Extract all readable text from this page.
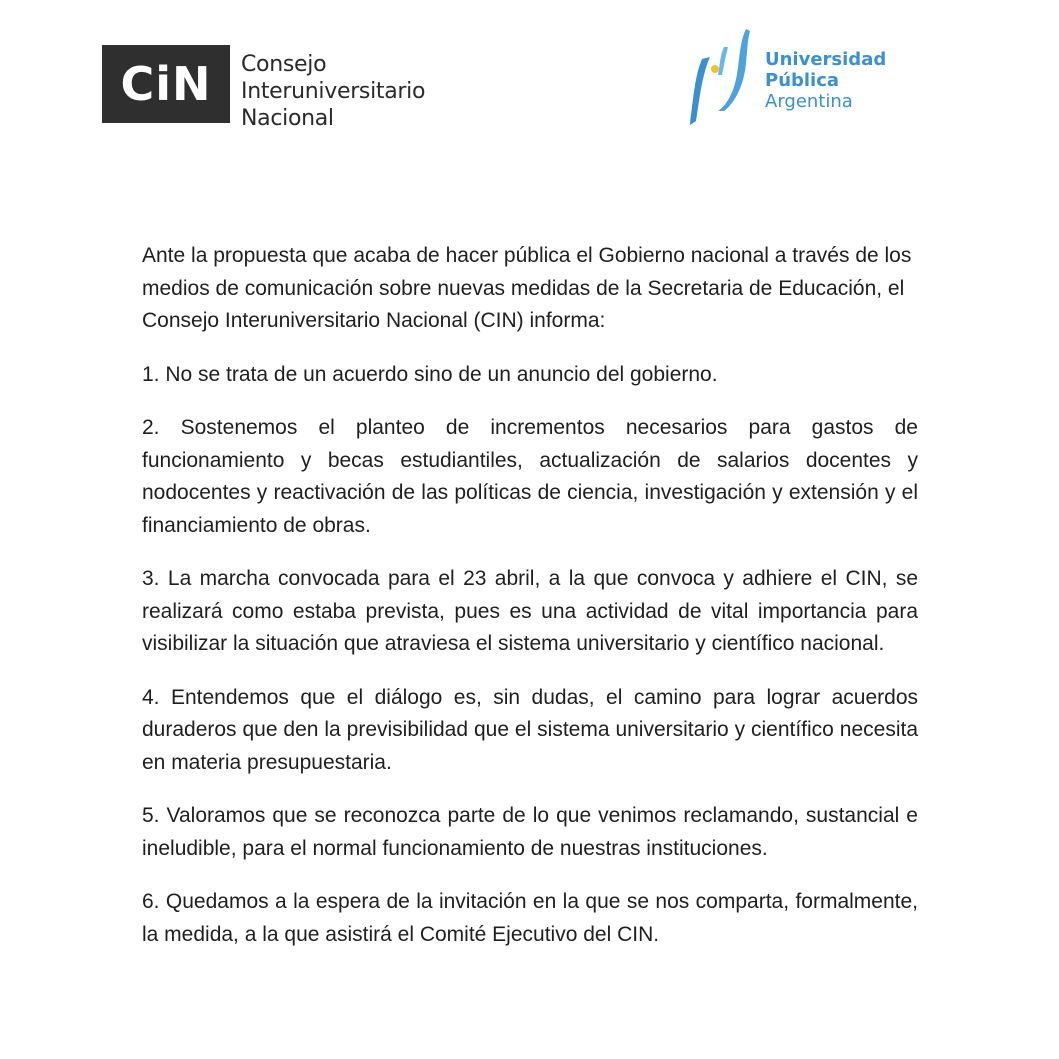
CiN	Consejo
Interuniversitario
Nacional
Universidad
Pública
Argentina

Ante la propuesta que acaba de hacer pública el Gobierno nacional a través de los medios de comunicación sobre nuevas medidas de la Secretaria de Educación, el Consejo Interuniversitario Nacional (CIN) informa:

1. No se trata de un acuerdo sino de un anuncio del gobierno.

2. Sostenemos el planteo de incrementos necesarios para gastos de funcionamiento y becas estudiantiles, actualización de salarios docentes y nodocentes y reactivación de las políticas de ciencia, investigación y extensión y el financiamiento de obras.

3. La marcha convocada para el 23 abril, a la que convoca y adhiere el CIN, se realizará como estaba prevista, pues es una actividad de vital importancia para visibilizar la situación que atraviesa el sistema universitario y científico nacional.

4. Entendemos que el diálogo es, sin dudas, el camino para lograr acuerdos duraderos que den la previsibilidad que el sistema universitario y científico necesita en materia presupuestaria.

5. Valoramos que se reconozca parte de lo que venimos reclamando, sustancial e ineludible, para el normal funcionamiento de nuestras instituciones.

6. Quedamos a la espera de la invitación en la que se nos comparta, formalmente, la medida, a la que asistirá el Comité Ejecutivo del CIN.
